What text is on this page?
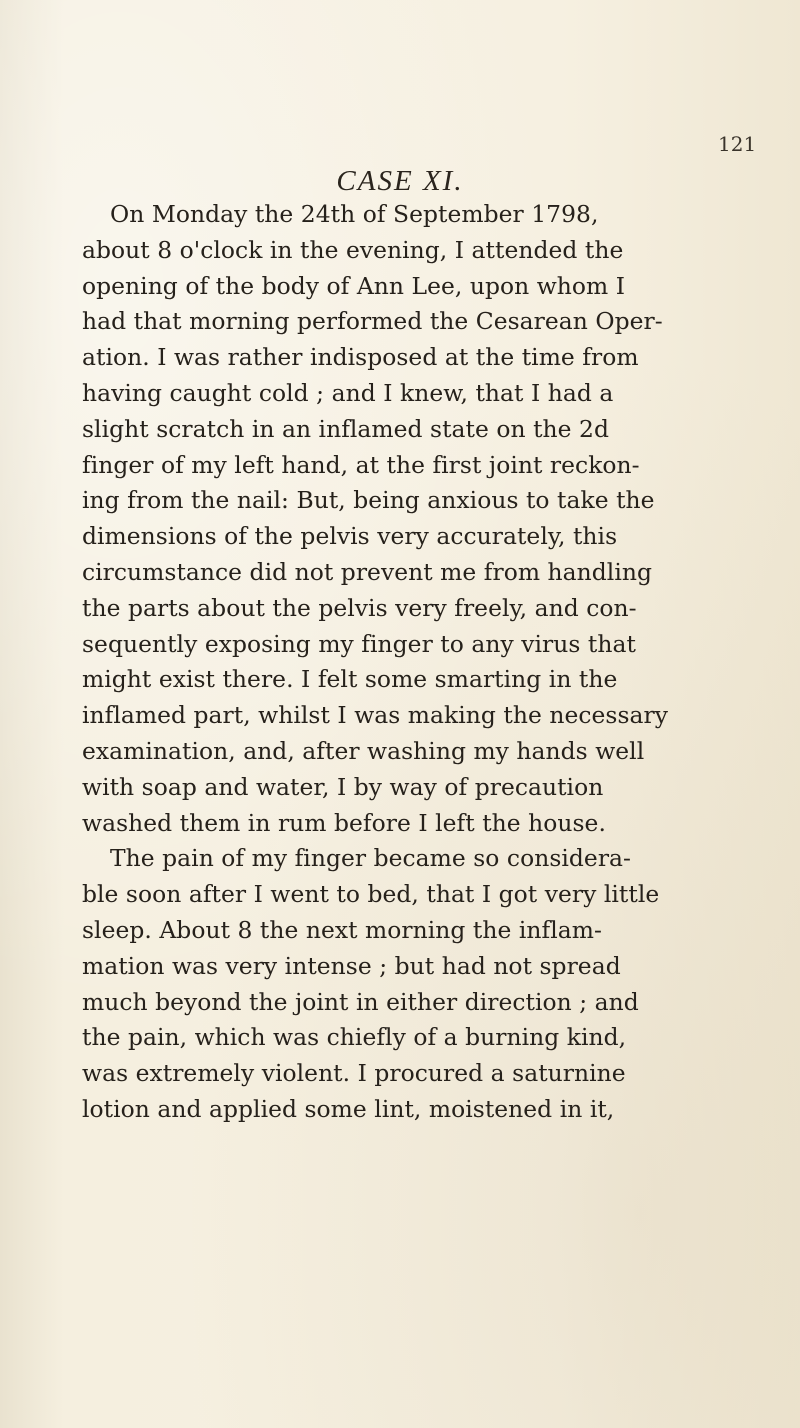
121
CASE XI.
On Monday the 24th of September 1798,
about 8 o'clock in the evening, I attended the
opening of the body of Ann Lee, upon whom I
had that morning performed the Cesarean Oper-
ation. I was rather indisposed at the time from
having caught cold ; and I knew, that I had a
slight scratch in an inflamed state on the 2d
finger of my left hand, at the first joint reckon-
ing from the nail: But, being anxious to take the
dimensions of the pelvis very accurately, this
circumstance did not prevent me from handling
the parts about the pelvis very freely, and con-
sequently exposing my finger to any virus that
might exist there. I felt some smarting in the
inflamed part, whilst I was making the necessary
examination, and, after washing my hands well
with soap and water, I by way of precaution
washed them in rum before I left the house.
The pain of my finger became so considera-
ble soon after I went to bed, that I got very little
sleep. About 8 the next morning the inflam-
mation was very intense ; but had not spread
much beyond the joint in either direction ; and
the pain, which was chiefly of a burning kind,
was extremely violent. I procured a saturnine
lotion and applied some lint, moistened in it,
